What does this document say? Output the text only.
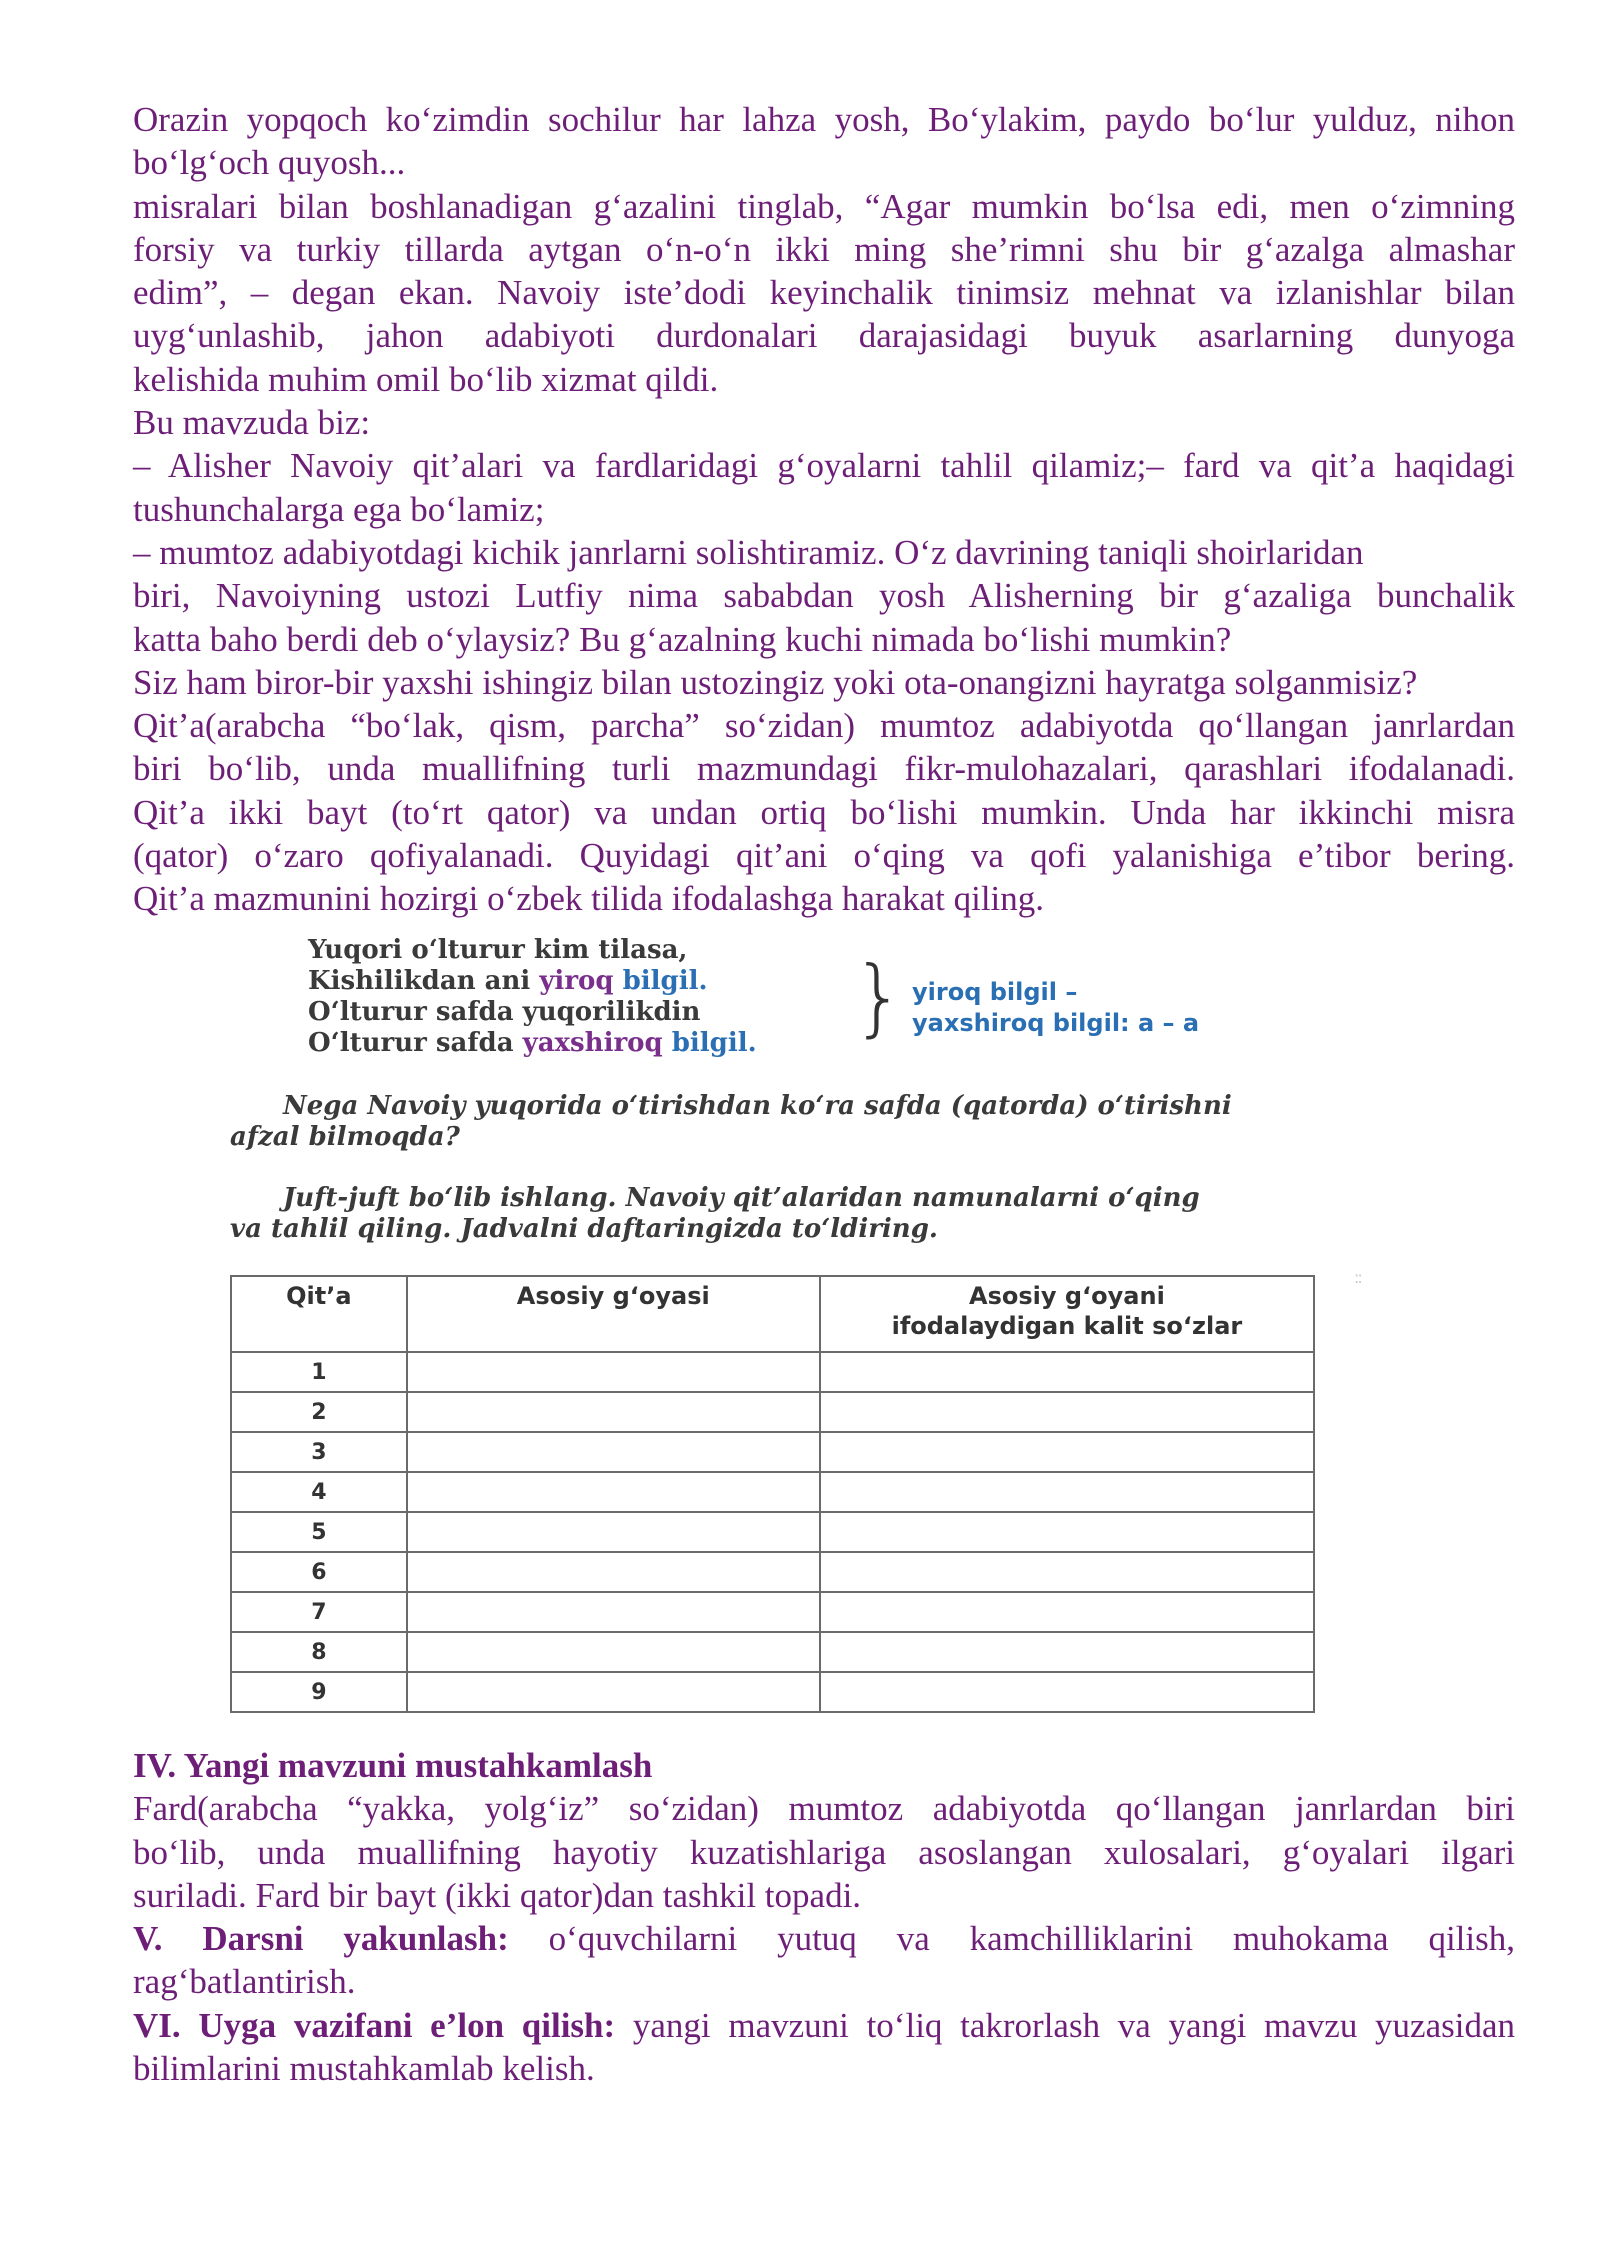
Orazin yopqoch ko‘zimdin sochilur har lahza yosh, Bo‘ylakim, paydo bo‘lur yulduz, nihon

bo‘lg‘och quyosh...

misralari bilan boshlanadigan g‘azalini tinglab, “Agar mumkin bo‘lsa edi, men o‘zimning

forsiy va turkiy tillarda aytgan o‘n-o‘n ikki ming she’rimni shu bir g‘azalga almashar

edim”, – degan ekan. Navoiy iste’dodi keyinchalik tinimsiz mehnat va izlanishlar bilan

uyg‘unlashib, jahon adabiyoti durdonalari darajasidagi buyuk asarlarning dunyoga

kelishida muhim omil bo‘lib xizmat qildi.

Bu mavzuda biz:

– Alisher Navoiy qit’alari va fardlaridagi g‘oyalarni tahlil qilamiz;– fard va qit’a haqidagi

tushunchalarga ega bo‘lamiz;

– mumtoz adabiyotdagi kichik janrlarni solishtiramiz. O‘z davrining taniqli shoirlaridan

biri, Navoiyning ustozi Lutfiy nima sababdan yosh Alisherning bir g‘azaliga bunchalik

katta baho berdi deb o‘ylaysiz? Bu g‘azalning kuchi nimada bo‘lishi mumkin?

Siz ham biror-bir yaxshi ishingiz bilan ustozingiz yoki ota-onangizni hayratga solganmisiz?

Qit’a(arabcha “bo‘lak, qism, parcha” so‘zidan) mumtoz adabiyotda qo‘llangan janrlardan

biri bo‘lib, unda muallifning turli mazmundagi fikr-mulohazalari, qarashlari ifodalanadi.

Qit’a ikki bayt (to‘rt qator) va undan ortiq bo‘lishi mumkin. Unda har ikkinchi misra

(qator) o‘zaro qofiyalanadi. Quyidagi qit’ani o‘qing va qofi yalanishiga e’tibor bering.

Qit’a mazmunini hozirgi o‘zbek tilida ifodalashga harakat qiling.

Yuqori o‘lturur kim tilasa,
Kishilikdan ani yiroq bilgil.
O‘lturur safda yuqorilikdin
O‘lturur safda yaxshiroq bilgil. } yiroq bilgil –
yaxshiroq bilgil: a – a
Nega Navoiy yuqorida o‘tirishdan ko‘ra safda (qatorda) o‘tirishni
afzal bilmoqda?
Juft-juft bo‘lib ishlang. Navoiy qit’alaridan namunalarni o‘qing
va tahlil qiling. Jadvalni daftaringizda to‘ldiring.
Qit’a	Asosiy g‘oyasi	Asosiy g‘oyani
ifodalaydigan kalit so‘zlar

1		
2		
3		
4		
5		
6		
7		
8		
9		
::

IV. Yangi mavzuni mustahkamlash

Fard(arabcha “yakka, yolg‘iz” so‘zidan) mumtoz adabiyotda qo‘llangan janrlardan biri

bo‘lib, unda muallifning hayotiy kuzatishlariga asoslangan xulosalari, g‘oyalari ilgari

suriladi. Fard bir bayt (ikki qator)dan tashkil topadi.

V. Darsni yakunlash: o‘quvchilarni yutuq va kamchilliklarini muhokama qilish,

rag‘batlantirish.

VI. Uyga vazifani e’lon qilish: yangi mavzuni to‘liq takrorlash va yangi mavzu yuzasidan

bilimlarini mustahkamlab kelish.
